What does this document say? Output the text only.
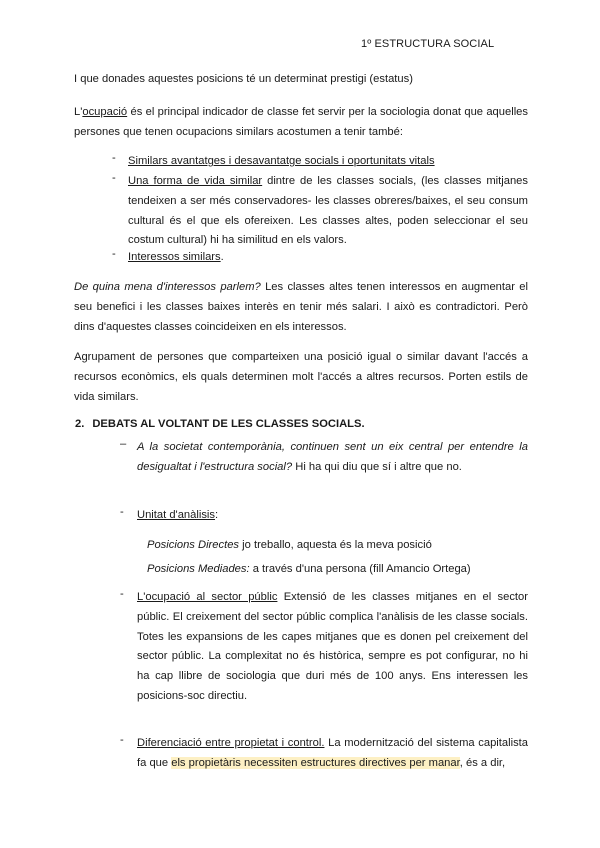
1º ESTRUCTURA SOCIAL
I que donades aquestes posicions té un determinat prestigi (estatus)
L'ocupació és el principal indicador de classe fet servir per la sociologia donat que aquelles persones que tenen ocupacions similars acostumen a tenir també:
- Similars avantatges i desavantatge socials i oportunitats vitals
- Una forma de vida similar dintre de les classes socials, (les classes mitjanes tendeixen a ser més conservadores- les classes obreres/baixes, el seu consum cultural és el que els ofereixen. Les classes altes, poden seleccionar el seu costum cultural) hi ha similitud en els valors.
- Interessos similars.
De quina mena d'interessos parlem? Les classes altes tenen interessos en augmentar el seu benefici i les classes baixes interès en tenir més salari. I això es contradictori. Però dins d'aquestes classes coincideixen en els interessos.
Agrupament de persones que comparteixen una posició igual o similar davant l'accés a recursos econòmics, els quals determinen molt l'accés a altres recursos. Porten estils de vida similars.
2. DEBATS AL VOLTANT DE LES CLASSES SOCIALS.
– A la societat contemporània, continuen sent un eix central per entendre la desigualtat i l'estructura social? Hi ha qui diu que sí i altre que no.
- Unitat d'anàlisis:
Posicions Directes jo treballo, aquesta és la meva posició
Posicions Mediades: a través d'una persona (fill Amancio Ortega)
- L'ocupació al sector públic Extensió de les classes mitjanes en el sector públic. El creixement del sector públic complica l'anàlisis de les classe socials. Totes les expansions de les capes mitjanes que es donen pel creixement del sector públic. La complexitat no és històrica, sempre es pot configurar, no hi ha cap llibre de sociologia que duri més de 100 anys. Ens interessen les posicions-soc directiu.
- Diferenciació entre propietat i control. La modernització del sistema capitalista fa que els propietàris necessiten estructures directives per manar, és a dir,
